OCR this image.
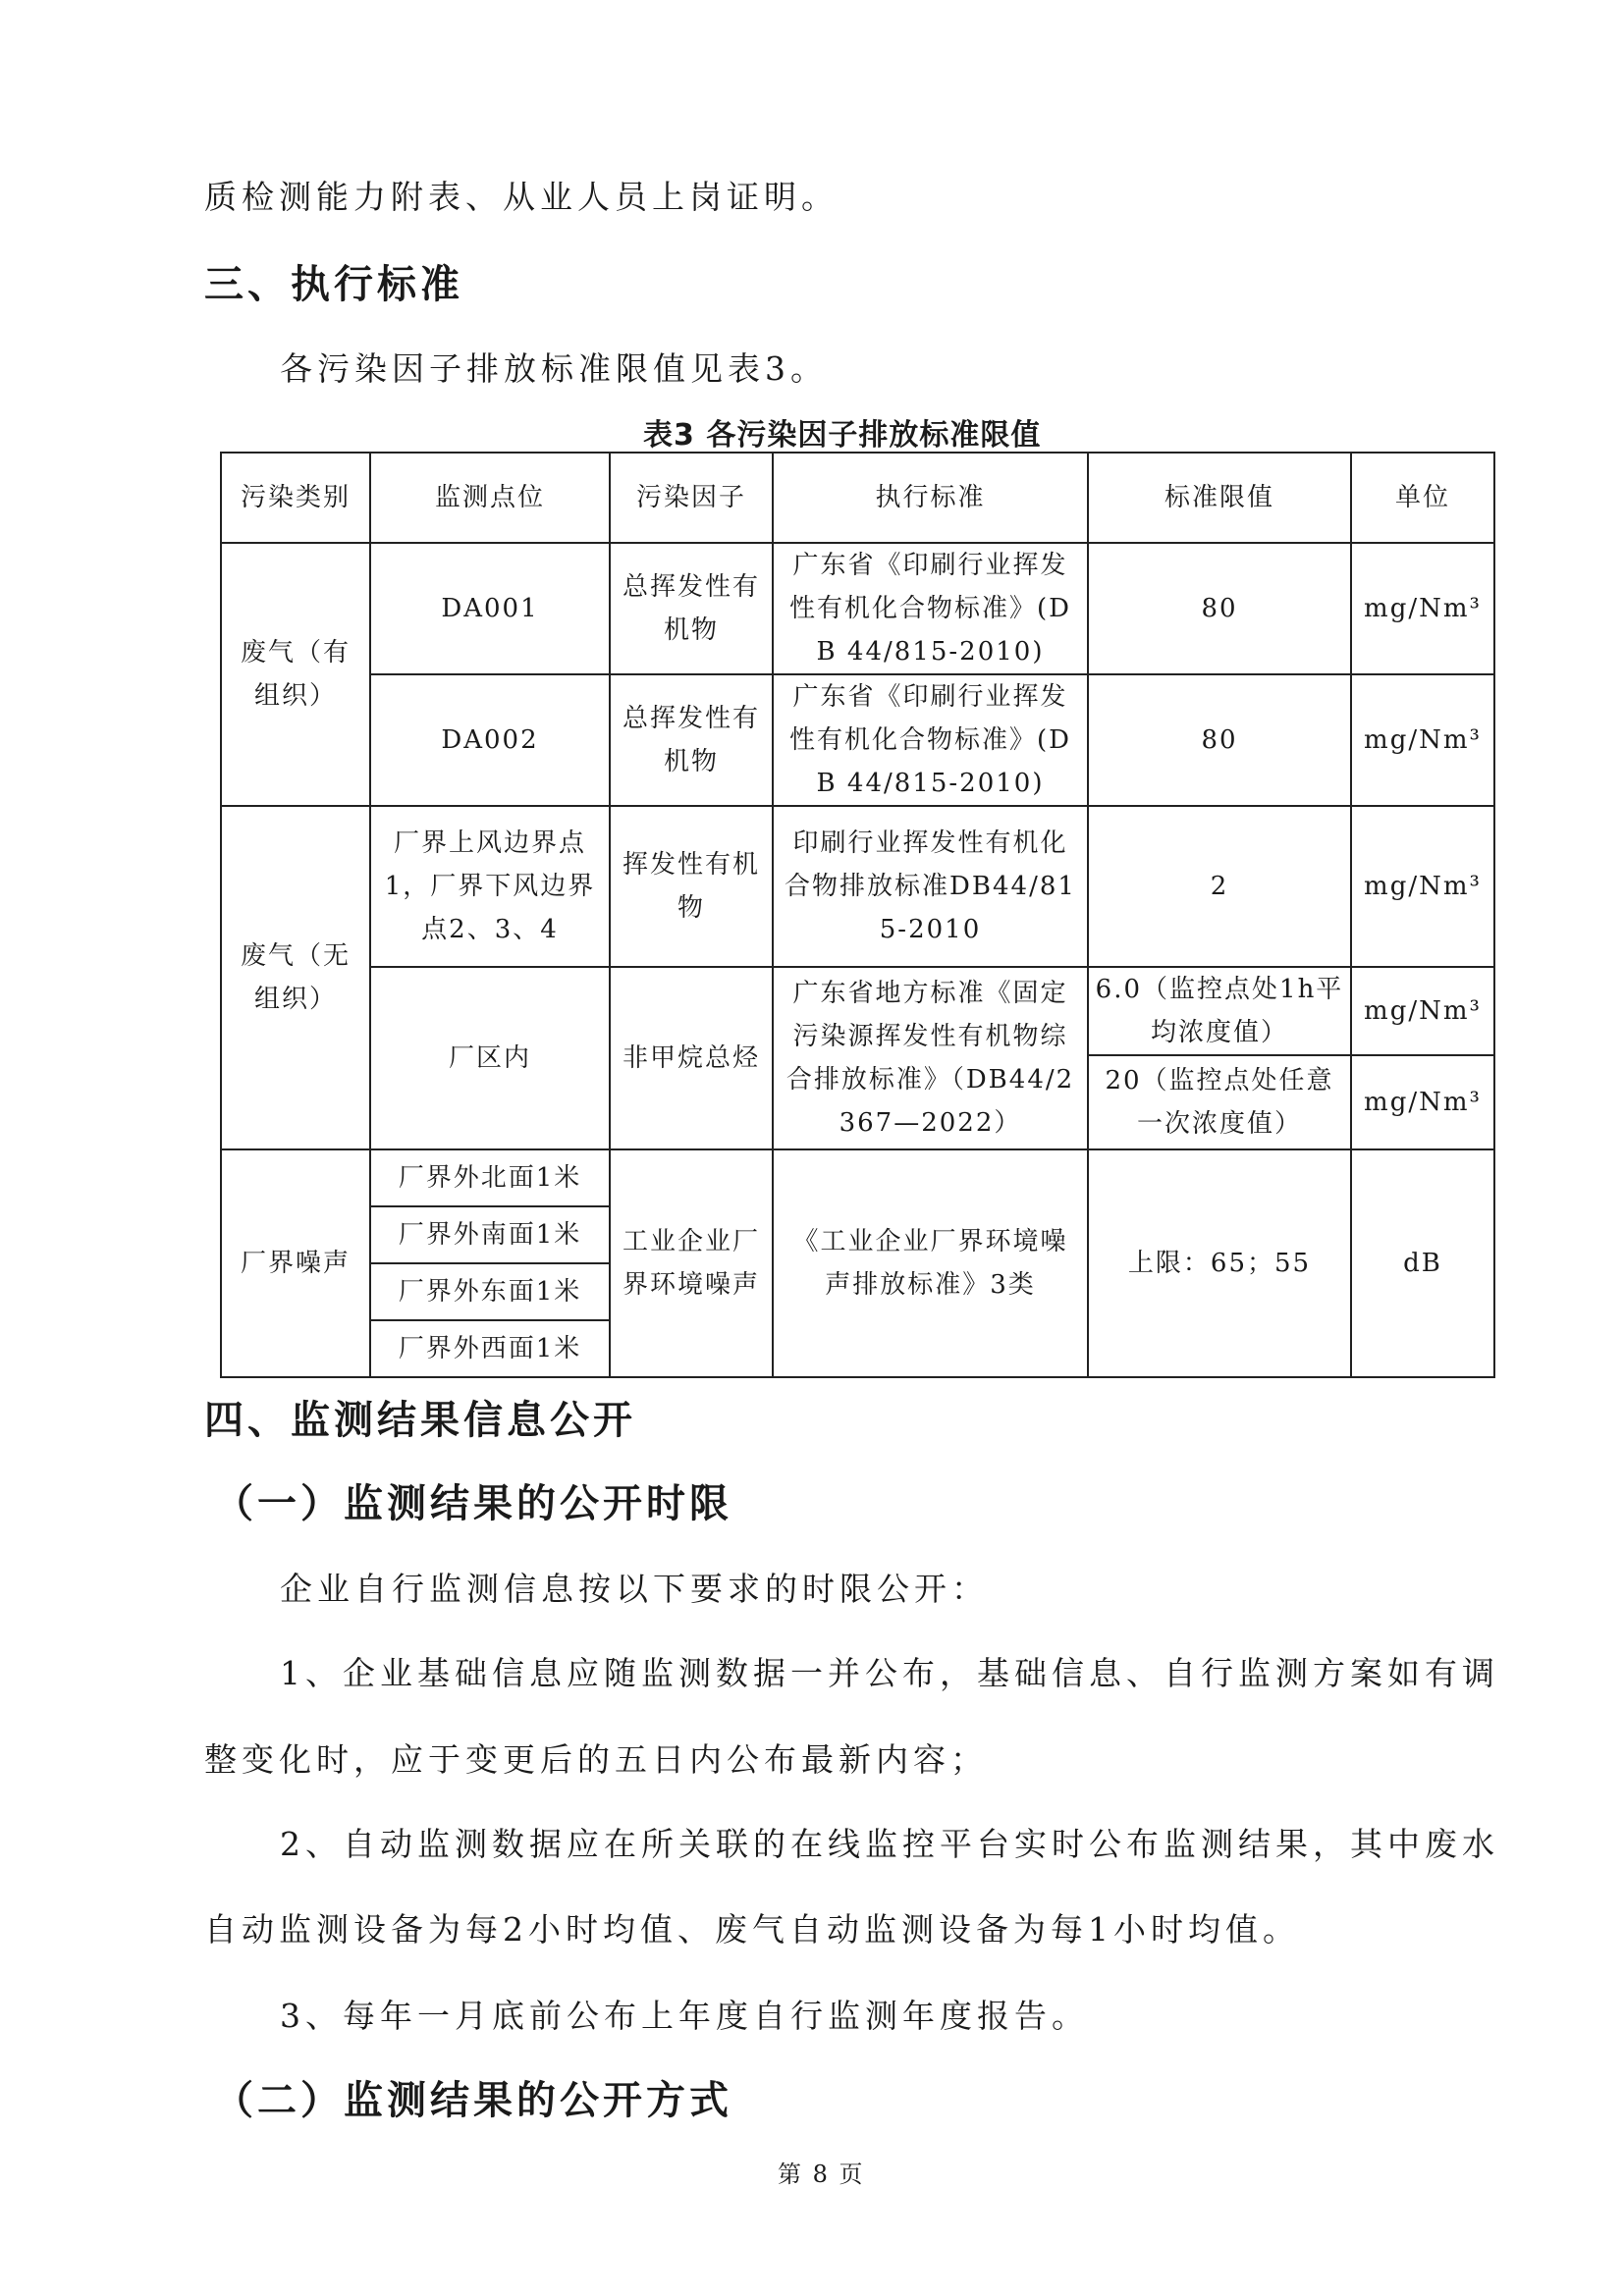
质检测能力附表、从业人员上岗证明。

三、执行标准

各污染因子排放标准限值见表3。

表3 各污染因子排放标准限值

污染类别	监测点位	污染因子	执行标准	标准限值	单位
废气（有组织）	DA001	总挥发性有机物	广东省《印刷行业挥发性有机化合物标准》(DB 44/815-2010)	80	mg/Nm³
	DA002	总挥发性有机物	广东省《印刷行业挥发性有机化合物标准》(DB 44/815-2010)	80	mg/Nm³
废气（无组织）	厂界上风边界点1，厂界下风边界点2、3、4	挥发性有机物	印刷行业挥发性有机化合物排放标准DB44/815-2010	2	mg/Nm³
	厂区内	非甲烷总烃	广东省地方标准《固定污染源挥发性有机物综合排放标准》（DB44/2367—2022）	6.0（监控点处1h平均浓度值）	mg/Nm³
				20（监控点处任意一次浓度值）	mg/Nm³
厂界噪声	厂界外北面1米	工业企业厂界环境噪声	《工业企业厂界环境噪声排放标准》3类	上限：65；55	dB
	厂界外南面1米				
	厂界外东面1米				
	厂界外西面1米				

四、监测结果信息公开

（一）监测结果的公开时限

企业自行监测信息按以下要求的时限公开：

1、企业基础信息应随监测数据一并公布，基础信息、自行监测方案如有调

整变化时，应于变更后的五日内公布最新内容；

2、自动监测数据应在所关联的在线监控平台实时公布监测结果，其中废水

自动监测设备为每2小时均值、废气自动监测设备为每1小时均值。

3、每年一月底前公布上年度自行监测年度报告。

（二）监测结果的公开方式

第 8 页
